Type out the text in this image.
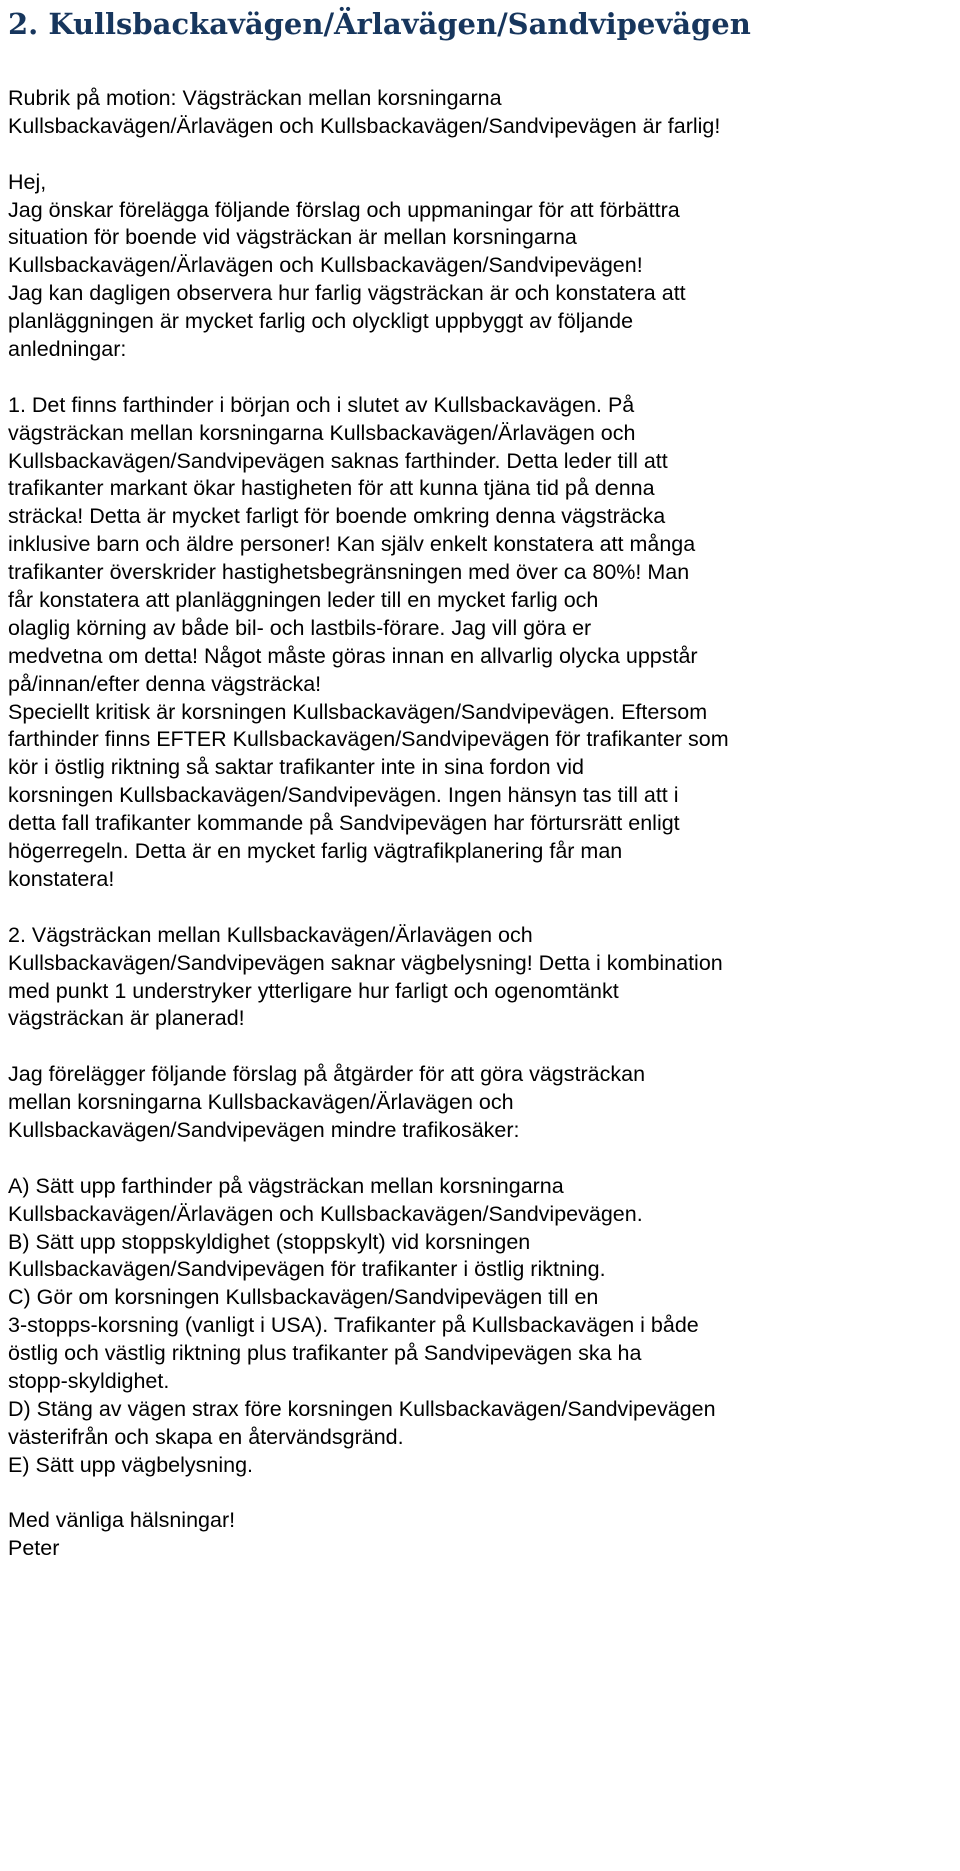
2. Kullsbackavägen/Ärlavägen/Sandvipevägen
Rubrik på motion: Vägsträckan mellan korsningarna
Kullsbackavägen/Ärlavägen och Kullsbackavägen/Sandvipevägen är farlig!
Hej,
Jag önskar förelägga följande förslag och uppmaningar för att förbättra
situation för boende vid vägsträckan är mellan korsningarna
Kullsbackavägen/Ärlavägen och Kullsbackavägen/Sandvipevägen!
Jag kan dagligen observera hur farlig vägsträckan är och konstatera att
planläggningen är mycket farlig och olyckligt uppbyggt av följande
anledningar:
1. Det finns farthinder i början och i slutet av Kullsbackavägen. På
vägsträckan mellan korsningarna Kullsbackavägen/Ärlavägen och
Kullsbackavägen/Sandvipevägen saknas farthinder. Detta leder till att
trafikanter markant ökar hastigheten för att kunna tjäna tid på denna
sträcka! Detta är mycket farligt för boende omkring denna vägsträcka
inklusive barn och äldre personer! Kan själv enkelt konstatera att många
trafikanter överskrider hastighetsbegränsningen med över ca 80%! Man
får konstatera att planläggningen leder till en mycket farlig och
olaglig körning av både bil- och lastbils-förare. Jag vill göra er
medvetna om detta! Något måste göras innan en allvarlig olycka uppstår
på/innan/efter denna vägsträcka!
Speciellt kritisk är korsningen Kullsbackavägen/Sandvipevägen. Eftersom
farthinder finns EFTER Kullsbackavägen/Sandvipevägen för trafikanter som
kör i östlig riktning så saktar trafikanter inte in sina fordon vid
korsningen Kullsbackavägen/Sandvipevägen. Ingen hänsyn tas till att i
detta fall trafikanter kommande på Sandvipevägen har förtursrätt enligt
högerregeln. Detta är en mycket farlig vägtrafikplanering får man
konstatera!
2. Vägsträckan mellan Kullsbackavägen/Ärlavägen och
Kullsbackavägen/Sandvipevägen saknar vägbelysning! Detta i kombination
med punkt 1 understryker ytterligare hur farligt och ogenomtänkt
vägsträckan är planerad!
Jag förelägger följande förslag på åtgärder för att göra vägsträckan
mellan korsningarna Kullsbackavägen/Ärlavägen och
Kullsbackavägen/Sandvipevägen mindre trafikosäker:
A) Sätt upp farthinder på vägsträckan mellan korsningarna
Kullsbackavägen/Ärlavägen och Kullsbackavägen/Sandvipevägen.
B) Sätt upp stoppskyldighet (stoppskylt) vid korsningen
Kullsbackavägen/Sandvipevägen för trafikanter i östlig riktning.
C) Gör om korsningen Kullsbackavägen/Sandvipevägen till en
3-stopps-korsning (vanligt i USA). Trafikanter på Kullsbackavägen i både
östlig och västlig riktning plus trafikanter på Sandvipevägen ska ha
stopp-skyldighet.
D) Stäng av vägen strax före korsningen Kullsbackavägen/Sandvipevägen
västerifrån och skapa en återvändsgränd.
E) Sätt upp vägbelysning.
Med vänliga hälsningar!
Peter
